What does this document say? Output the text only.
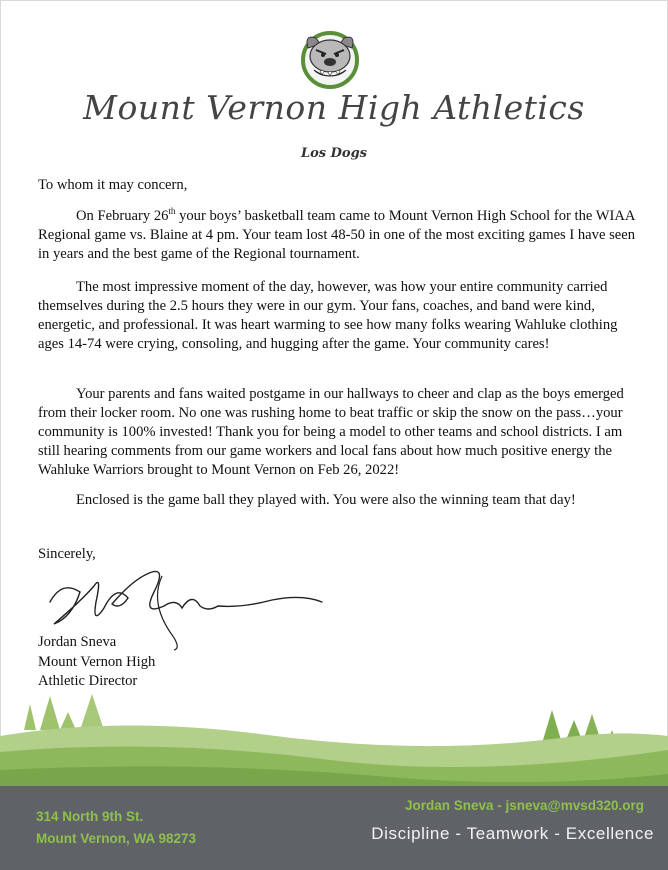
Mount Vernon High Athletics
Los Dogs
To whom it may concern,

On February 26th your boys’ basketball team came to Mount Vernon High School for the WIAA Regional game vs. Blaine at 4 pm. Your team lost 48-50 in one of the most exciting games I have seen in years and the best game of the Regional tournament.

The most impressive moment of the day, however, was how your entire community carried themselves during the 2.5 hours they were in our gym. Your fans, coaches, and band were kind, energetic, and professional. It was heart warming to see how many folks wearing Wahluke clothing ages 14-74 were crying, consoling, and hugging after the game. Your community cares!

Your parents and fans waited postgame in our hallways to cheer and clap as the boys emerged from their locker room. No one was rushing home to beat traffic or skip the snow on the pass…your community is 100% invested! Thank you for being a model to other teams and school districts. I am still hearing comments from our game workers and local fans about how much positive energy the Wahluke Warriors brought to Mount Vernon on Feb 26, 2022!

Enclosed is the game ball they played with. You were also the winning team that day!

Sincerely,
Jordan Sneva
Mount Vernon High
Athletic Director
314 North 9th St.
Mount Vernon, WA 98273
Jordan Sneva - jsneva@mvsd320.org
Discipline - Teamwork - Excellence
